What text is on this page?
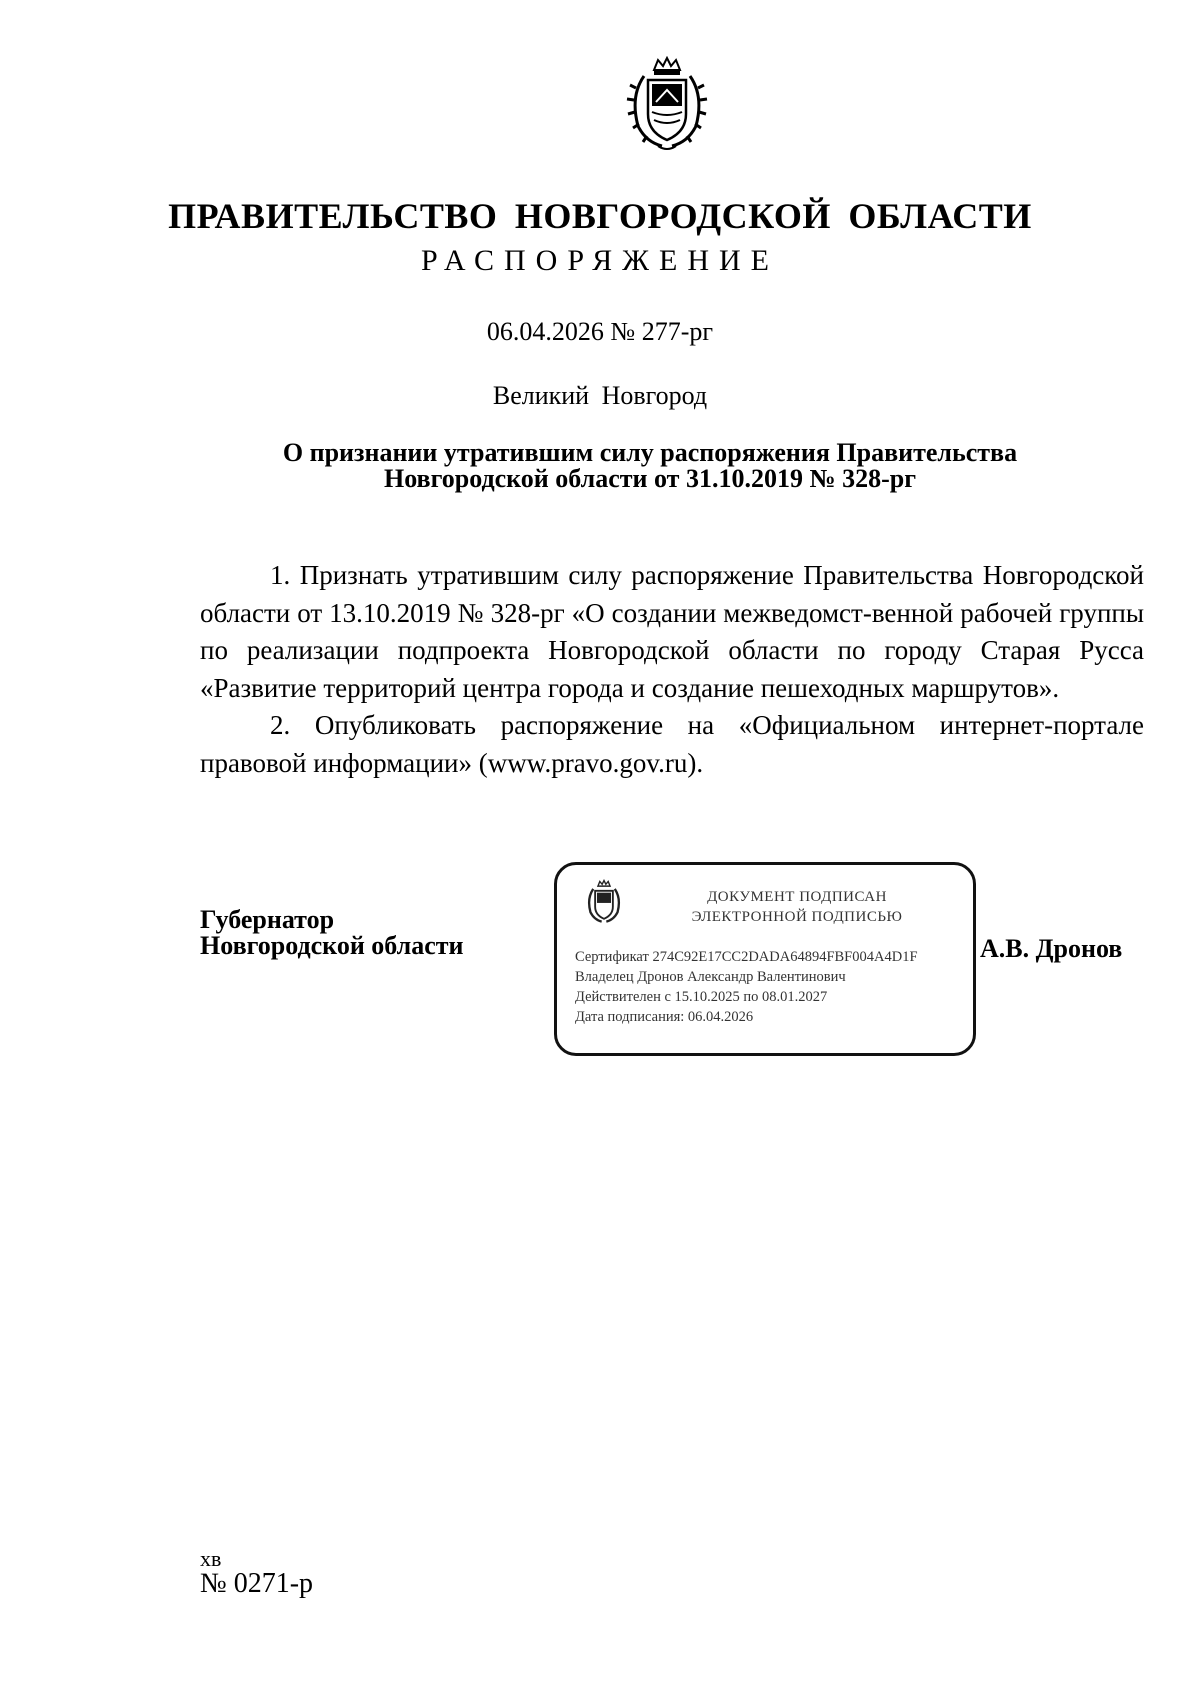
ПРАВИТЕЛЬСТВО НОВГОРОДСКОЙ ОБЛАСТИ
РАСПОРЯЖЕНИЕ
06.04.2026 № 277-рг
Великий Новгород
О признании утратившим силу распоряжения Правительства
Новгородской области от 31.10.2019 № 328-рг

1. Признать утратившим силу распоряжение Правительства Новгородской области от 13.10.2019 № 328-рг «О создании межведомст-венной рабочей группы по реализации подпроекта Новгородской области по городу Старая Русса «Развитие территорий центра города и создание пешеходных маршрутов».

2. Опубликовать распоряжение на «Официальном интернет-портале правовой информации» (www.pravo.gov.ru).

Губернатор
Новгородской области
ДОКУМЕНТ ПОДПИСАН
ЭЛЕКТРОННОЙ ПОДПИСЬЮ
Сертификат 274C92E17CC2DADA64894FBF004A4D1F
Владелец Дронов Александр Валентинович
Действителен с 15.10.2025 по 08.01.2027
Дата подписания: 06.04.2026
А.В. Дронов
хв
№ 0271-р
